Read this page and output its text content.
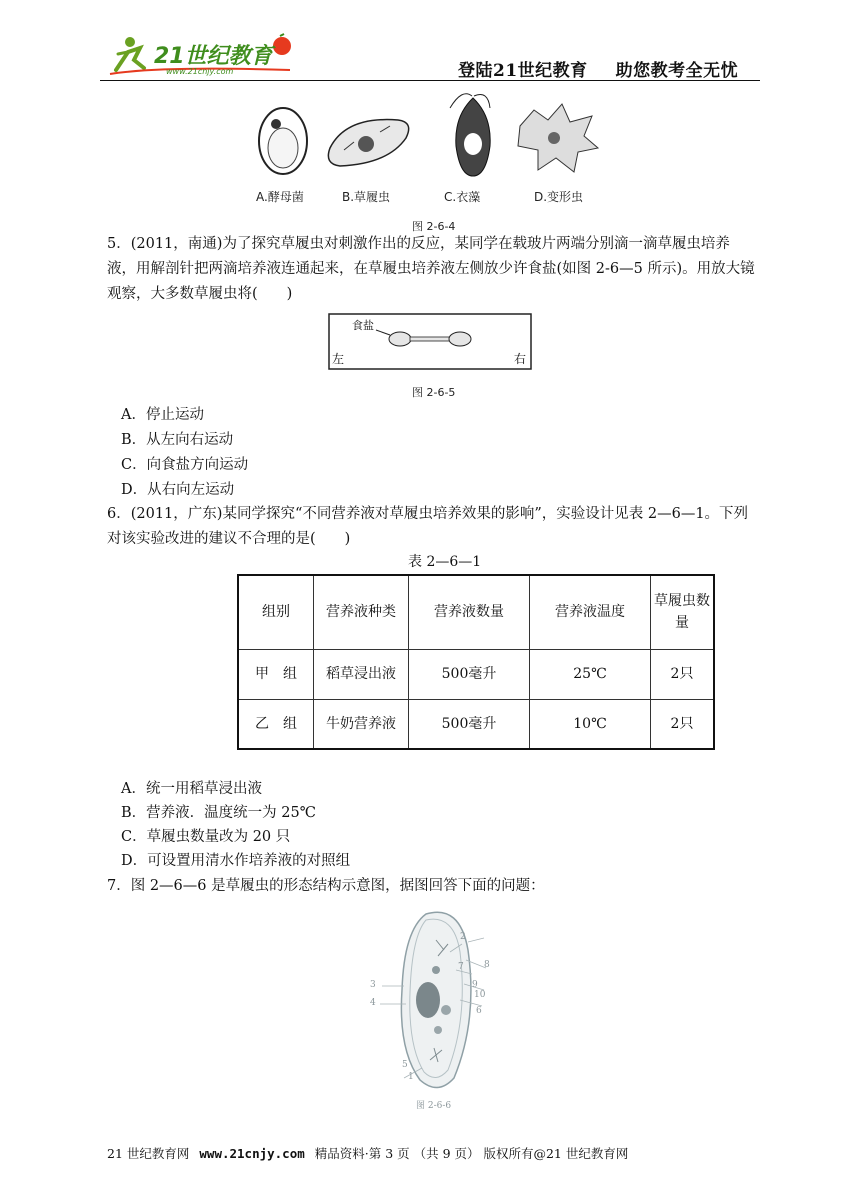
21世纪教育
www.21cnjy.com	登陆21世纪教育 助您教考全无忧
A.酵母菌	B.草履虫	C.衣藻	D.变形虫
图 2-6-4
5．(2011，南通)为了探究草履虫对刺激作出的反应，某同学在载玻片两端分别滴一滴草履虫培养液，用解剖针把两滴培养液连通起来，在草履虫培养液左侧放少许食盐(如图 2-6—5 所示)。用放大镜观察，大多数草履虫将(　　)
食盐
左	右
图 2-6-5
A．停止运动
B．从左向右运动
C．向食盐方向运动
D．从右向左运动
6．(2011，广东)某同学探究“不同营养液对草履虫培养效果的影响”，实验设计见表 2—6—1。下列对该实验改进的建议不合理的是(　　)
表 2—6—1
组别	营养液种类	营养液数量	营养液温度	草履虫数量
甲　组	稻草浸出液	500毫升	25℃	2只
乙　组	牛奶营养液	500毫升	10℃	2只
A．统一用稻草浸出液
B．营养液．温度统一为 25℃
C．草履虫数量改为 20 只
D．可设置用清水作培养液的对照组
7．图 2—6—6 是草履虫的形态结构示意图，据图回答下面的问题：
2
8
7
9
10
6
3
4
5
1
图 2-6-6
21 世纪教育网 www.21cnjy.com 精品资料·第 3 页 （共 9 页） 版权所有@21 世纪教育网
